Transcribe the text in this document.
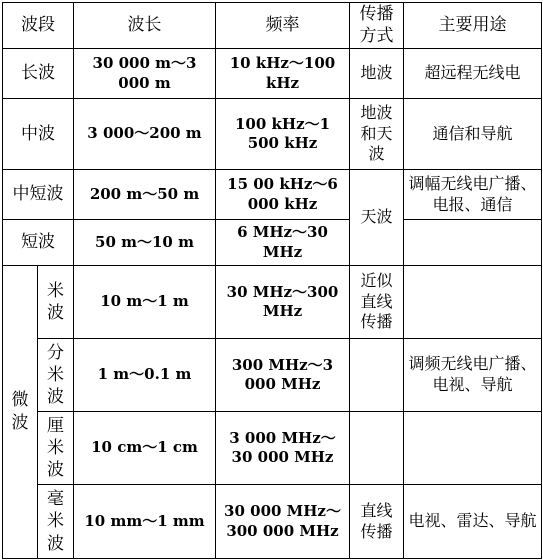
波段		波长	频率	传播方式	主要用途
长波		30 000 m～3 000 m	10 kHz～100 kHz	地波	超远程无线电
中波		3 000～200 m	100 kHz～1 500 kHz	地波和天波	通信和导航
中短波		200 m～50 m	15 00 kHz～6 000 kHz	天波	调幅无线电广播、电报、通信
短波		50 m～10 m	6 MHz～30 MHz		
微波	米波	10 m～1 m	30 MHz～300 MHz	近似直线传播	
	分米波	1 m～0.1 m	300 MHz～3 000 MHz		调频无线电广播、电视、导航
	厘米波	10 cm～1 cm	3 000 MHz～30 000 MHz		
	毫米波	10 mm～1 mm	30 000 MHz～300 000 MHz	直线传播	电视、雷达、导航
